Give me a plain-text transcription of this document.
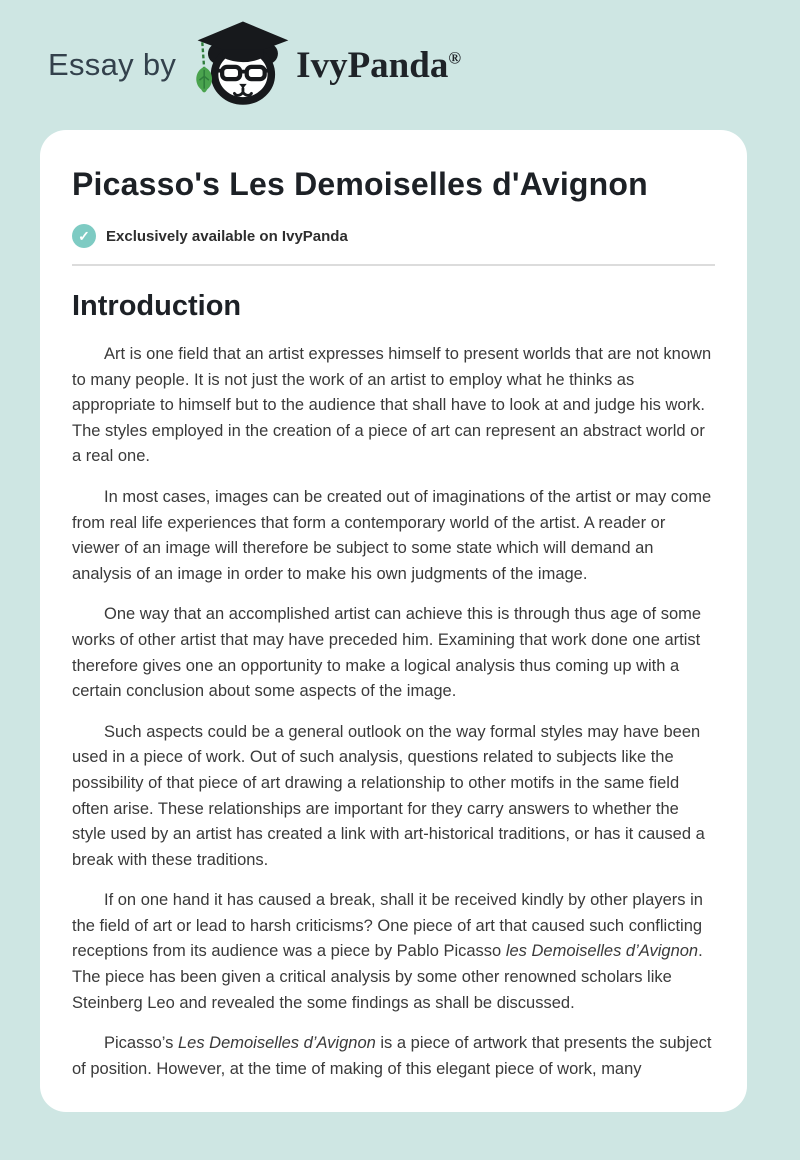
Essay by	IvyPanda®
Picasso's Les Demoiselles d'Avignon
✓	Exclusively available on IvyPanda
Introduction

Art is one field that an artist expresses himself to present worlds that are not known to many people. It is not just the work of an artist to employ what he thinks as appropriate to himself but to the audience that shall have to look at and judge his work. The styles employed in the creation of a piece of art can represent an abstract world or a real one.

In most cases, images can be created out of imaginations of the artist or may come from real life experiences that form a contemporary world of the artist. A reader or viewer of an image will therefore be subject to some state which will demand an analysis of an image in order to make his own judgments of the image.

One way that an accomplished artist can achieve this is through thus age of some works of other artist that may have preceded him. Examining that work done one artist therefore gives one an opportunity to make a logical analysis thus coming up with a certain conclusion about some aspects of the image.

Such aspects could be a general outlook on the way formal styles may have been used in a piece of work. Out of such analysis, questions related to subjects like the possibility of that piece of art drawing a relationship to other motifs in the same field often arise. These relationships are important for they carry answers to whether the style used by an artist has created a link with art-historical traditions, or has it caused a break with these traditions.

If on one hand it has caused a break, shall it be received kindly by other players in the field of art or lead to harsh criticisms? One piece of art that caused such conflicting receptions from its audience was a piece by Pablo Picasso les Demoiselles d’Avignon. The piece has been given a critical analysis by some other renowned scholars like Steinberg Leo and revealed the some findings as shall be discussed.

Picasso’s Les Demoiselles d’Avignon is a piece of artwork that presents the subject of position. However, at the time of making of this elegant piece of work, many
